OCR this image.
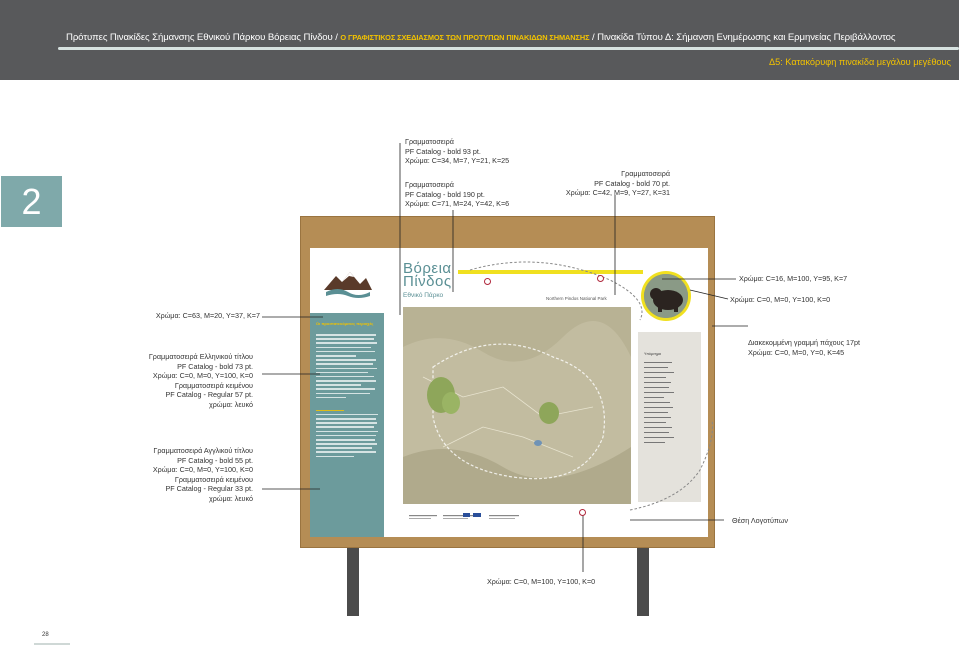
Πρότυπες Πινακίδες Σήμανσης Εθνικού Πάρκου Βόρειας Πίνδου / Ο ΓΡΑΦΙΣΤΙΚΟΣ ΣΧΕΔΙΑΣΜΟΣ ΤΩΝ ΠΡΟΤΥΠΩΝ ΠΙΝΑΚΙΔΩΝ ΣΗΜΑΝΣΗΣ / Πινακίδα Τύπου Δ: Σήμανση Ενημέρωσης και Ερμηνείας Περιβάλλοντος
Δ5: Κατακόρυφη πινακίδα μεγάλου μεγέθους
2
Οι προστατευόμενες περιοχές
Βόρεια
Πίνδος
Εθνικό Πάρκο	Northern Pindos National Park
Υπόμνημα
Γραμματοσειρά
PF Catalog - bold 93 pt.
Χρώμα: C=34, M=7, Y=21, K=25
Γραμματοσειρά
PF Catalog - bold 190 pt.
Χρώμα: C=71, M=24, Y=42, K=6
Γραμματοσειρά
PF Catalog - bold 70 pt.
Χρώμα: C=42, M=9, Y=27, K=31
Χρώμα: C=16, M=100, Y=95, K=7
Χρώμα: C=0, M=0, Y=100, K=0
Διακεκομμένη γραμμή πάχους 17pt
Χρώμα: C=0, M=0, Y=0, K=45
Θέση Λογοτύπων
Χρώμα: C=63, M=20, Y=37, K=7
Γραμματοσειρά Ελληνικού τίτλου
PF Catalog - bold 73 pt.
Χρώμα: C=0, M=0, Y=100, K=0
Γραμματοσειρά κειμένου
PF Catalog - Regular 57 pt.
χρώμα: λευκό
Γραμματοσειρά Αγγλικού τίτλου
PF Catalog - bold 55 pt.
Χρώμα: C=0, M=0, Y=100, K=0
Γραμματοσειρά κειμένου
PF Catalog - Regular 33 pt.
χρώμα: λευκό
Χρώμα: C=0, M=100, Y=100, K=0
28
